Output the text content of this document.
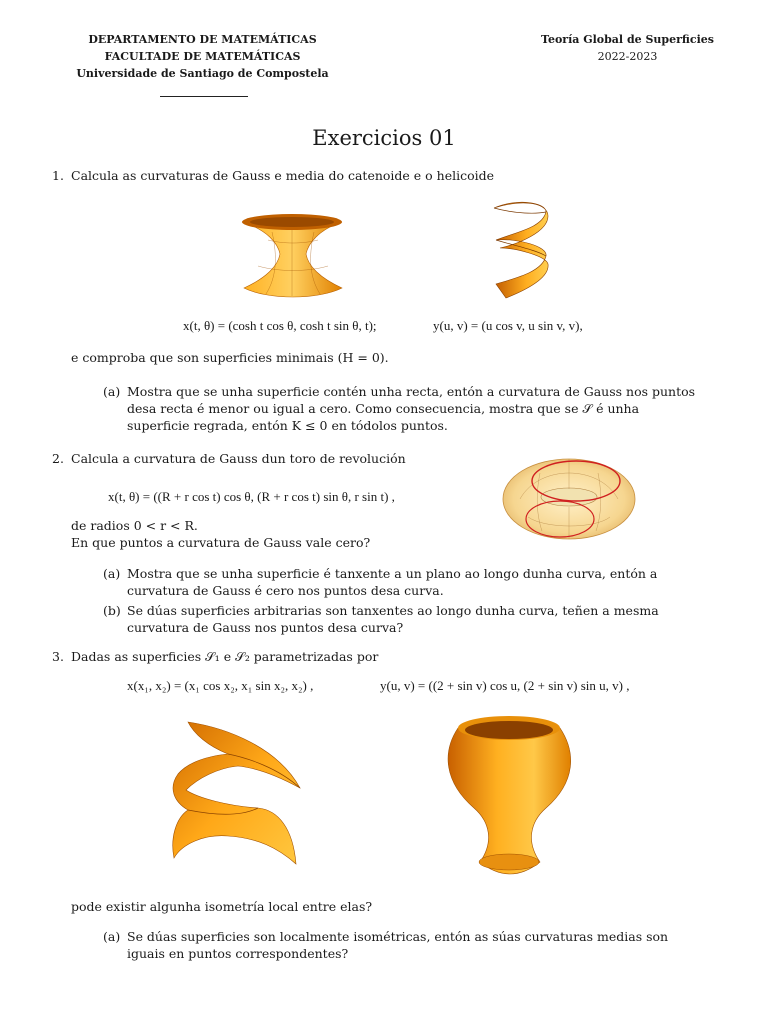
DEPARTAMENTO DE MATEMÁTICAS
FACULTADE DE MATEMÁTICAS
Universidade de Santiago de Compostela
Teoría Global de Superficies
2022-2023
Exercicios 01
1. Calcula as curvaturas de Gauss e media do catenoide e o helicoide
x(t, θ) = (cosh t cos θ, cosh t sin θ, t);	y(u, v) = (u cos v, u sin v, v),
e comproba que son superficies minimais (H = 0).
(a) Mostra que se unha superficie contén unha recta, entón a curvatura de Gauss nos puntos desa recta é menor ou igual a cero. Como consecuencia, mostra que se 𝒮 é unha superficie regrada, entón K ≤ 0 en tódolos puntos.
2. Calcula a curvatura de Gauss dun toro de revolución
x(t, θ) = ((R + r cos t) cos θ, (R + r cos t) sin θ, r sin t) ,
de radios 0 < r < R.
En que puntos a curvatura de Gauss vale cero?
(a) Mostra que se unha superficie é tanxente a un plano ao longo dunha curva, entón a curvatura de Gauss é cero nos puntos desa curva.
(b) Se dúas superficies arbitrarias son tanxentes ao longo dunha curva, teñen a mesma curvatura de Gauss nos puntos desa curva?
3. Dadas as superficies 𝒮₁ e 𝒮₂ parametrizadas por
x(x₁, x₂) = (x₁ cos x₂, x₁ sin x₂, x₂) ,	y(u, v) = ((2 + sin v) cos u, (2 + sin v) sin u, v) ,
pode existir algunha isometría local entre elas?
(a) Se dúas superficies son localmente isométricas, entón as súas curvaturas medias son iguais en puntos correspondentes?
